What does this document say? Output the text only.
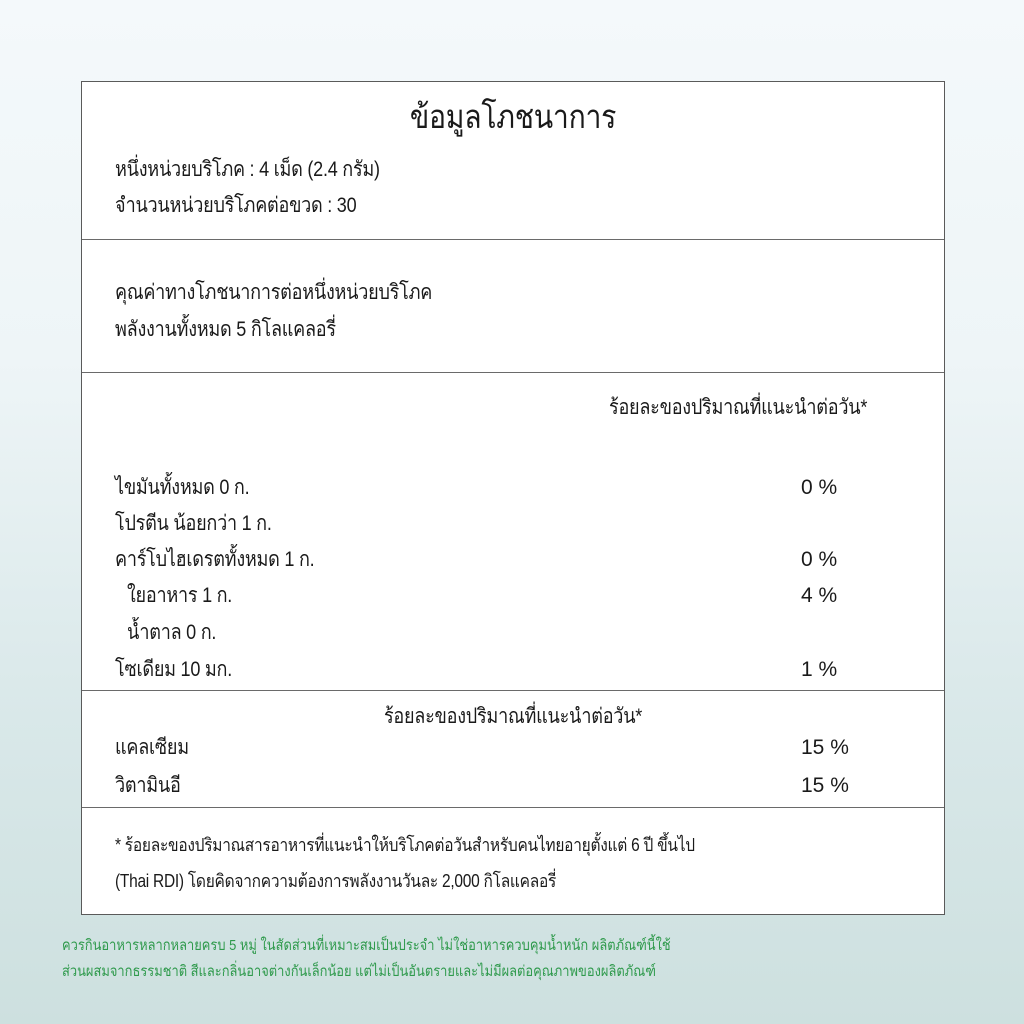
ข้อมูลโภชนาการ
หนึ่งหน่วยบริโภค : 4 เม็ด (2.4 กรัม)
จำนวนหน่วยบริโภคต่อขวด : 30
คุณค่าทางโภชนาการต่อหนึ่งหน่วยบริโภค
พลังงานทั้งหมด 5 กิโลแคลอรี่
ร้อยละของปริมาณที่แนะนำต่อวัน*
ไขมันทั้งหมด 0 ก.	0 %
โปรตีน น้อยกว่า 1 ก.
คาร์โบไฮเดรตทั้งหมด 1 ก.	0 %
ใยอาหาร 1 ก.	4 %
น้ำตาล 0 ก.
โซเดียม 10 มก.	1 %
ร้อยละของปริมาณที่แนะนำต่อวัน*
แคลเซียม	15 %
วิตามินอี	15 %
* ร้อยละของปริมาณสารอาหารที่แนะนำให้บริโภคต่อวันสำหรับคนไทยอายุตั้งแต่ 6 ปี ขึ้นไป
(Thai RDI) โดยคิดจากความต้องการพลังงานวันละ 2,000 กิโลแคลอรี่
ควรกินอาหารหลากหลายครบ 5 หมู่ ในสัดส่วนที่เหมาะสมเป็นประจำ ไม่ใช่อาหารควบคุมน้ำหนัก ผลิตภัณฑ์นี้ใช้
ส่วนผสมจากธรรมชาติ สีและกลิ่นอาจต่างกันเล็กน้อย แต่ไม่เป็นอันตรายและไม่มีผลต่อคุณภาพของผลิตภัณฑ์
